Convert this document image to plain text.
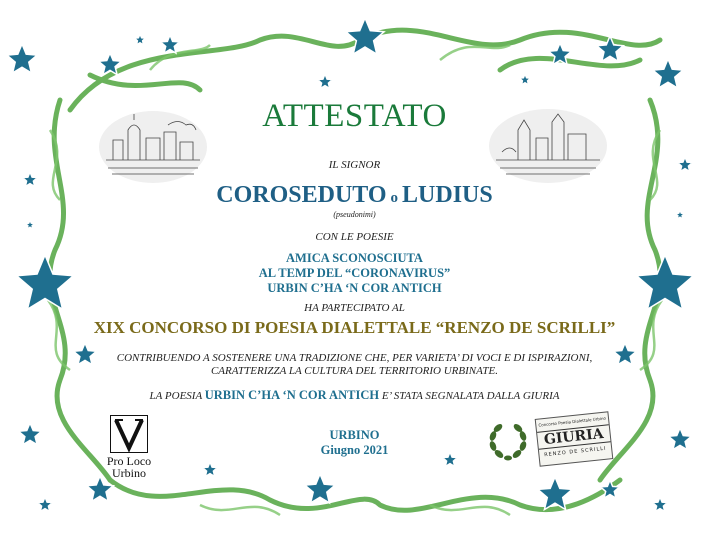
ATTESTATO
IL SIGNOR
COROSEDUTO o LUDIUS
(pseudonimi)
CON LE POESIE
AMICA SCONOSCIUTA
AL TEMP DEL “CORONAVIRUS”
URBIN C’HA ‘N COR ANTICH
HA PARTECIPATO AL
XIX CONCORSO DI POESIA DIALETTALE “RENZO DE SCRILLI”
CONTRIBUENDO A SOSTENERE UNA TRADIZIONE CHE, PER VARIETA’ DI VOCI E DI ISPIRAZIONI,
CARATTERIZZA LA CULTURA DEL TERRITORIO URBINATE.
LA POESIA URBIN C’HA ‘N COR ANTICH E’ STATA SEGNALATA DALLA GIURIA
URBINO
Giugno 2021
Pro Loco
Urbino
Concorso Poesia Dialettale Urbino
GIURIA
RENZO DE SCRILLI
